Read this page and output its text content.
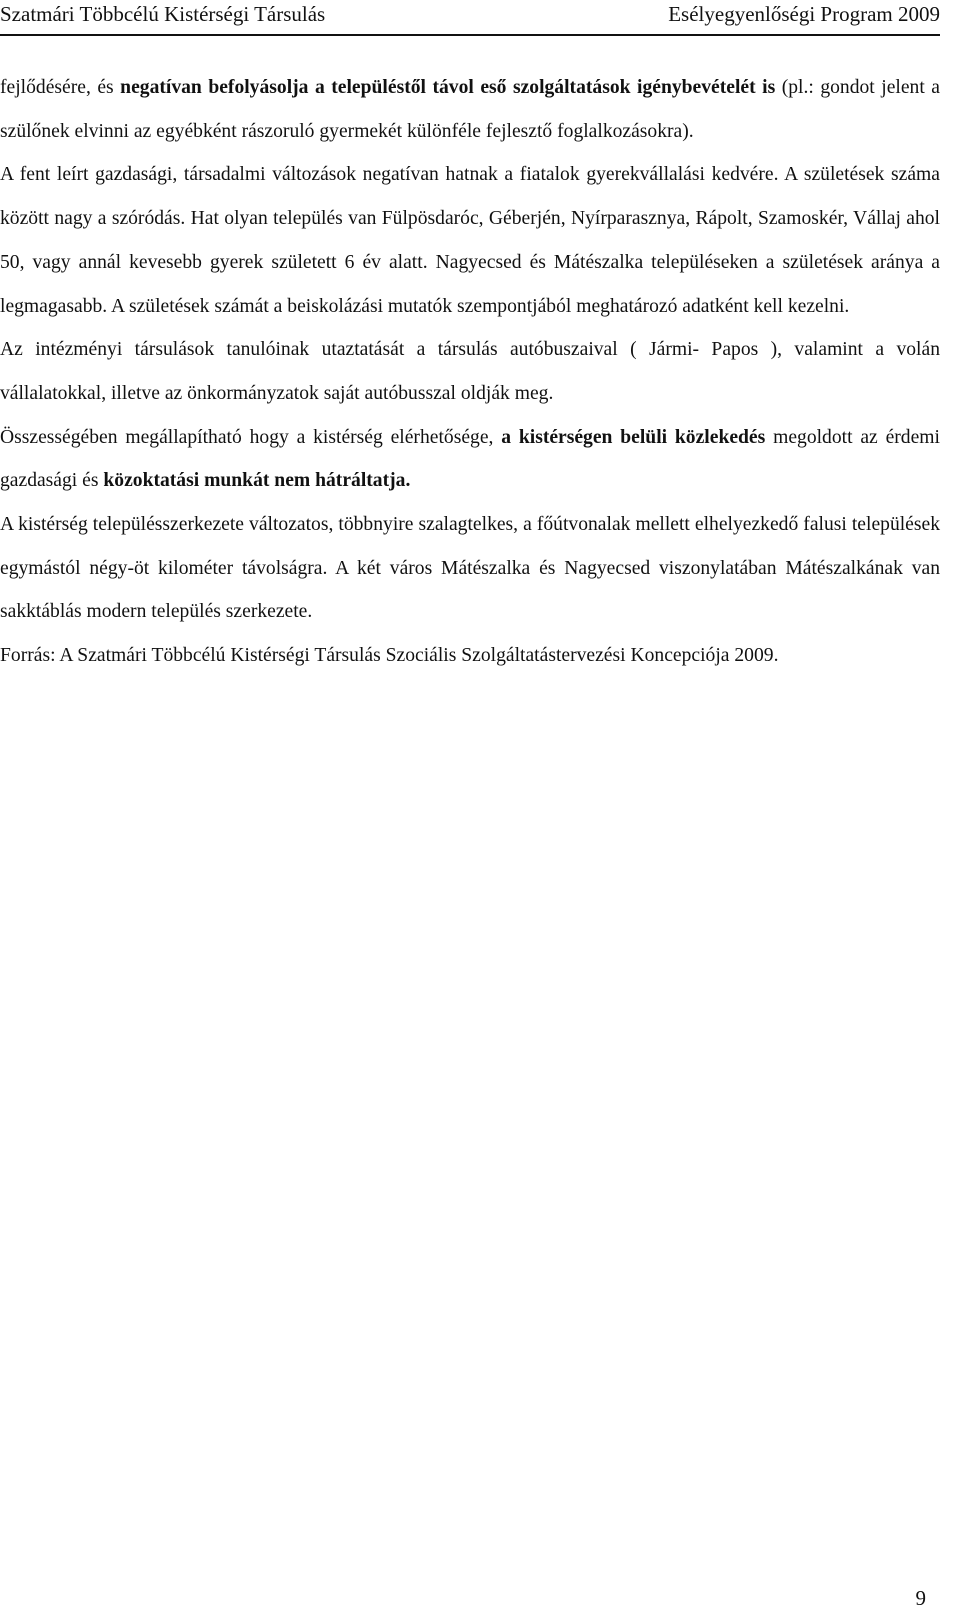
Szatmári Többcélú Kistérségi Társulás	Esélyegyenlőségi Program 2009

fejlődésére, és negatívan befolyásolja a településtől távol eső szolgáltatások igénybevételét is (pl.: gondot jelent a szülőnek elvinni az egyébként rászoruló gyermekét különféle fejlesztő foglalkozásokra).

A fent leírt gazdasági, társadalmi változások negatívan hatnak a fiatalok gyerekvállalási kedvére. A születések száma között nagy a szóródás. Hat olyan település van Fülpösdaróc, Géberjén, Nyírparasznya, Rápolt, Szamoskér, Vállaj ahol 50, vagy annál kevesebb gyerek született 6 év alatt. Nagyecsed és Mátészalka településeken a születések aránya a legmagasabb. A születések számát a beiskolázási mutatók szempontjából meghatározó adatként kell kezelni.

Az intézményi társulások tanulóinak utaztatását a társulás autóbuszaival ( Jármi- Papos ), valamint a volán vállalatokkal, illetve az önkormányzatok saját autóbusszal oldják meg.

Összességében megállapítható hogy a kistérség elérhetősége, a kistérségen belüli közlekedés megoldott az érdemi gazdasági és közoktatási munkát nem hátráltatja.

A kistérség településszerkezete változatos, többnyire szalagtelkes, a főútvonalak mellett elhelyezkedő falusi települések egymástól négy-öt kilométer távolságra. A két város Mátészalka és Nagyecsed viszonylatában Mátészalkának van sakktáblás modern település szerkezete.

Forrás: A Szatmári Többcélú Kistérségi Társulás Szociális Szolgáltatástervezési Koncepciója 2009.

9
